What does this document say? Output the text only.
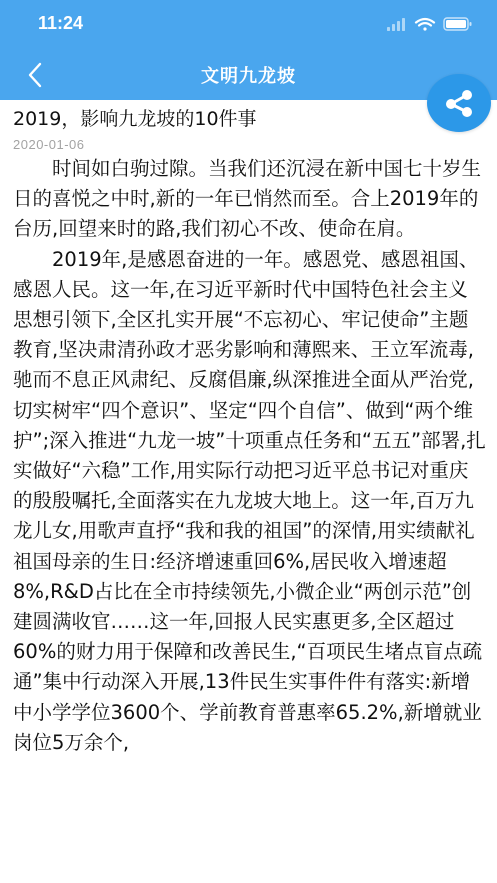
11:24
文明九龙坡
2019，影响九龙坡的10件事
2020-01-06

时间如白驹过隙。当我们还沉浸在新中国七十岁生日的喜悦之中时,新的一年已悄然而至。合上2019年的台历,回望来时的路,我们初心不改、使命在肩。

2019年,是感恩奋进的一年。感恩党、感恩祖国、感恩人民。这一年,在习近平新时代中国特色社会主义思想引领下,全区扎实开展“不忘初心、牢记使命”主题教育,坚决肃清孙政才恶劣影响和薄熙来、王立军流毒,驰而不息正风肃纪、反腐倡廉,纵深推进全面从严治党,切实树牢“四个意识”、坚定“四个自信”、做到“两个维护”;深入推进“九龙一坡”十项重点任务和“五五”部署,扎实做好“六稳”工作,用实际行动把习近平总书记对重庆的殷殷嘱托,全面落实在九龙坡大地上。这一年,百万九龙儿女,用歌声直抒“我和我的祖国”的深情,用实绩献礼祖国母亲的生日:经济增速重回6%,居民收入增速超8%,R&D占比在全市持续领先,小微企业“两创示范”创建圆满收官……这一年,回报人民实惠更多,全区超过60%的财力用于保障和改善民生,“百项民生堵点盲点疏通”集中行动深入开展,13件民生实事件件有落实:新增中小学学位3600个、学前教育普惠率65.2%,新增就业岗位5万余个,
